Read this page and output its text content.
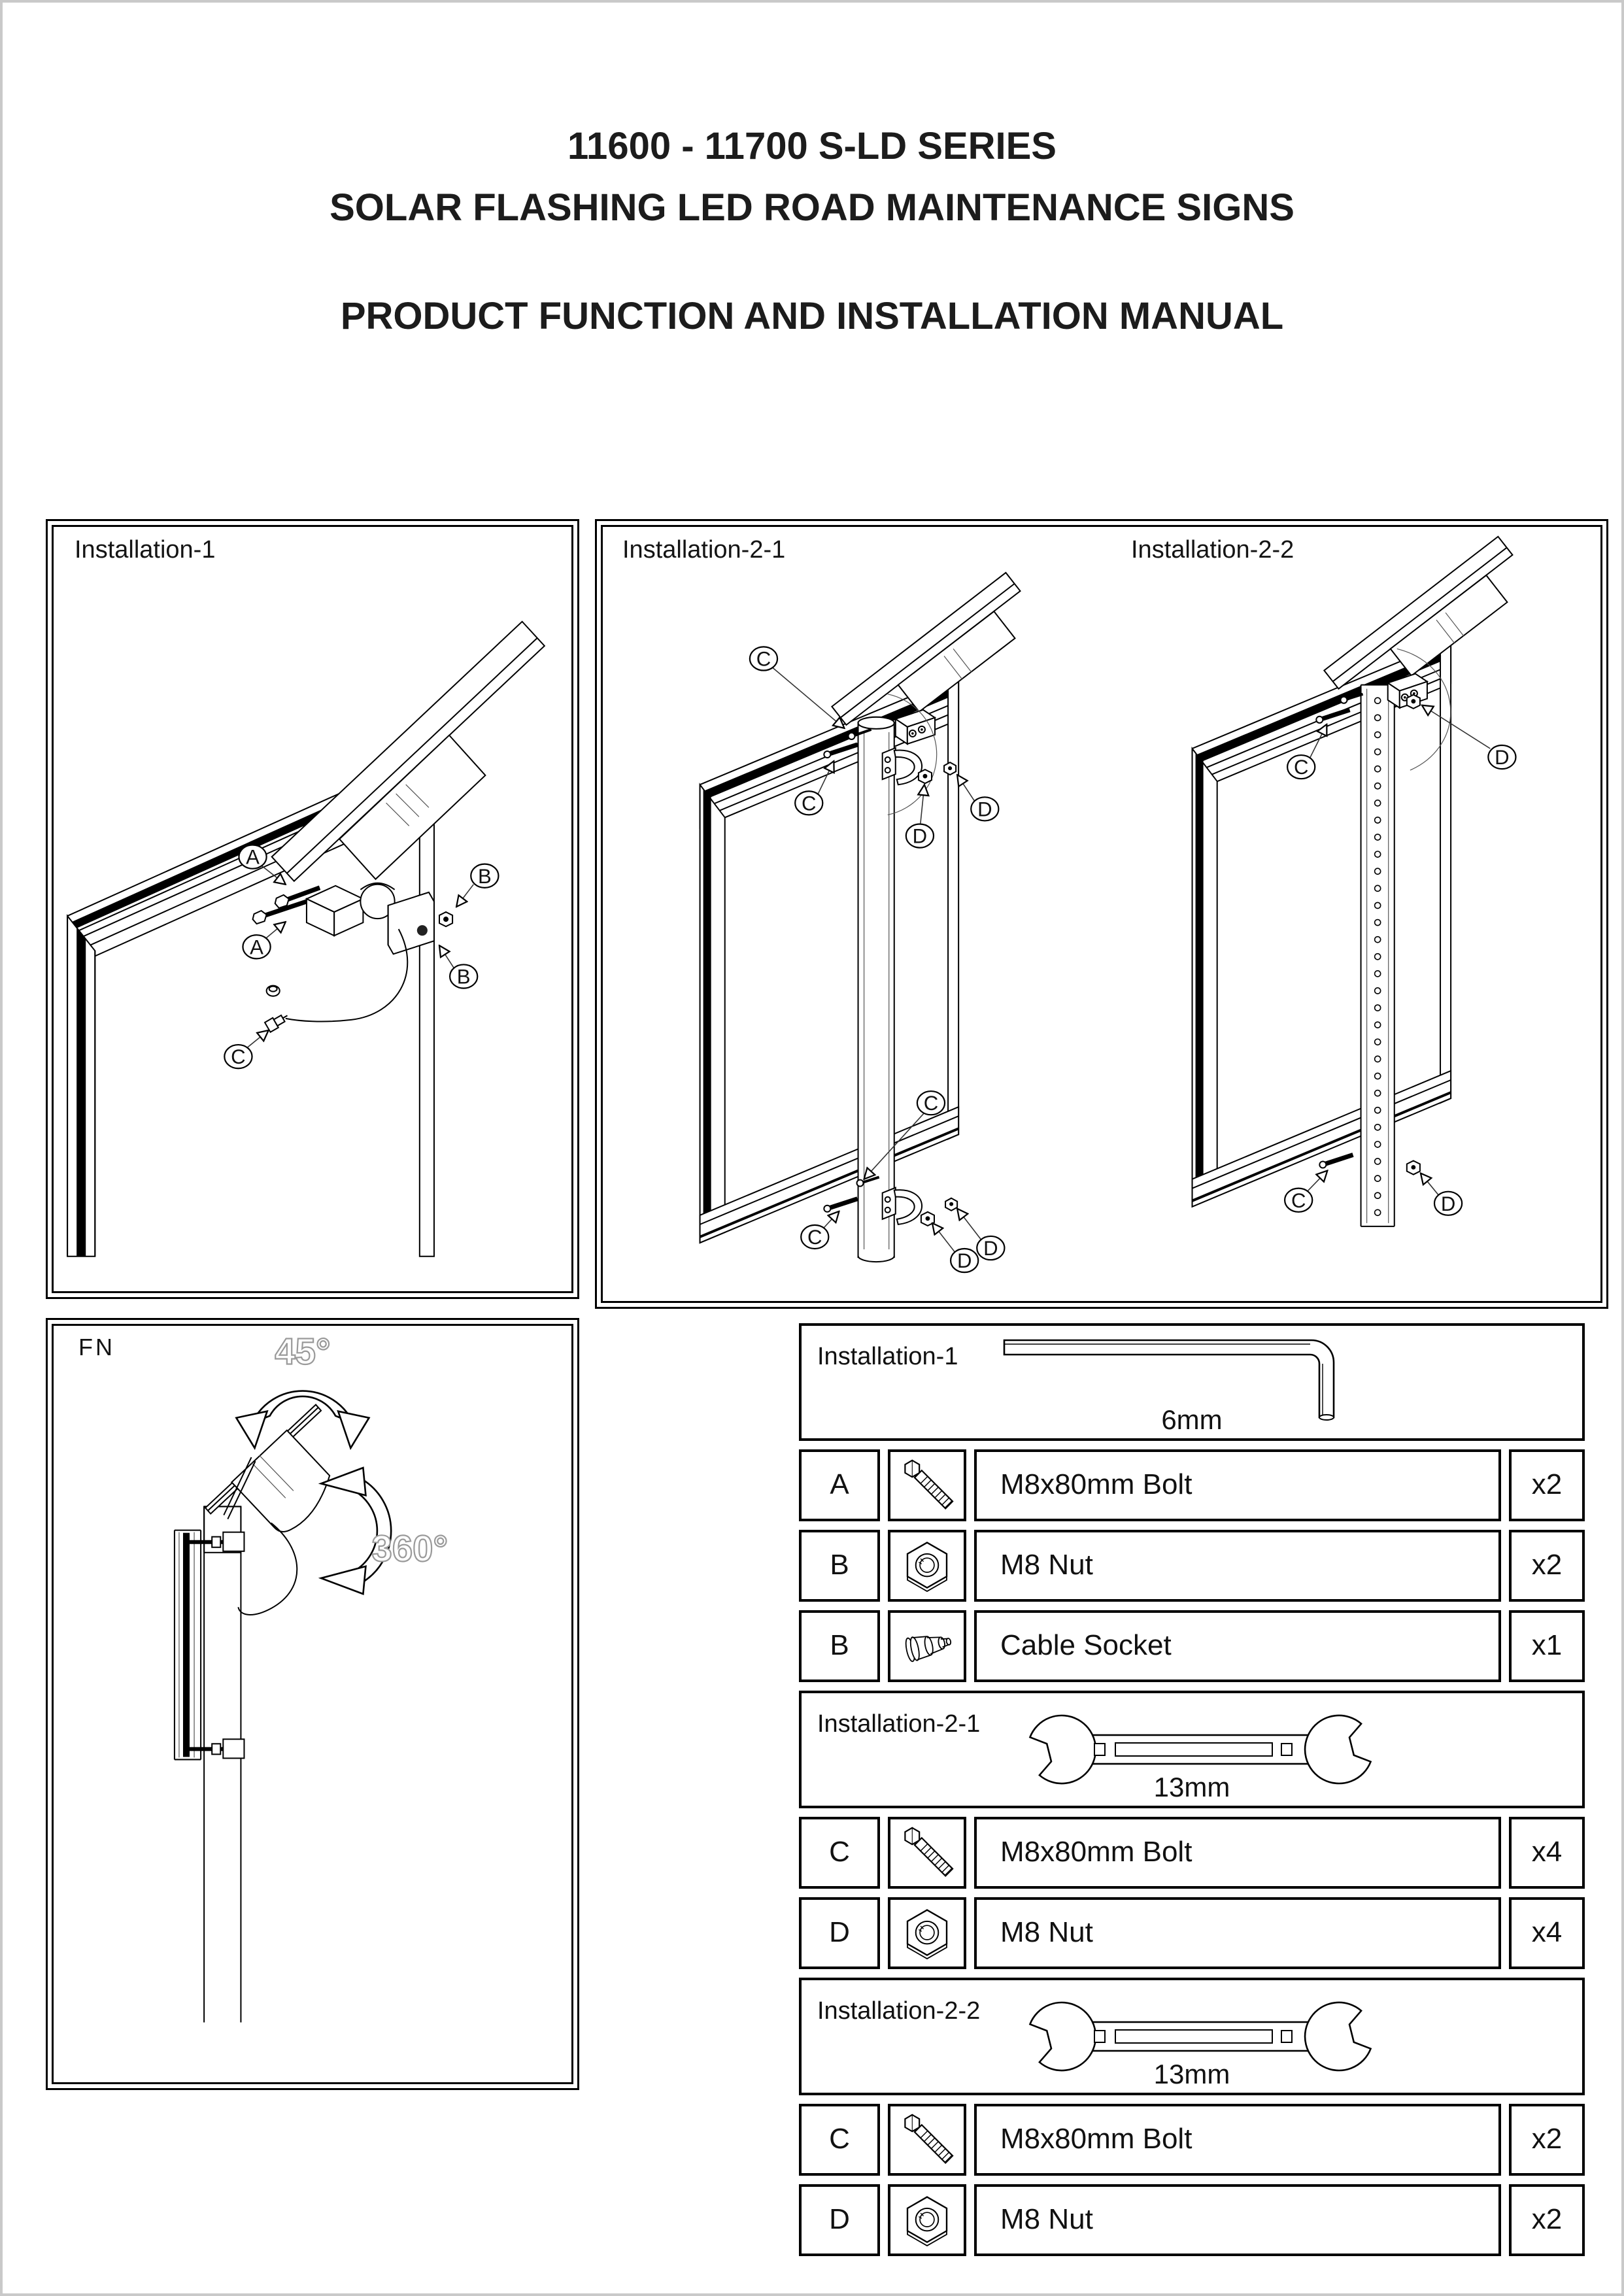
11600 - 11700 S-LD SERIES
SOLAR FLASHING LED ROAD MAINTENANCE SIGNS
PRODUCT FUNCTION AND INSTALLATION MANUAL
Installation-1
A
A
B
B
C
Installation-2-1	Installation-2-2
C
C	D
D
C
C
D
D
C	D
C	D
FN	45°
360°
Installation-1
6mm
A	M8x80mm Bolt	x2
B	M8 Nut	x2
B	Cable Socket	x1
Installation-2-1
13mm
C	M8x80mm Bolt	x4
D	M8 Nut	x4
Installation-2-2
13mm
C	M8x80mm Bolt	x2
D	M8 Nut	x2
